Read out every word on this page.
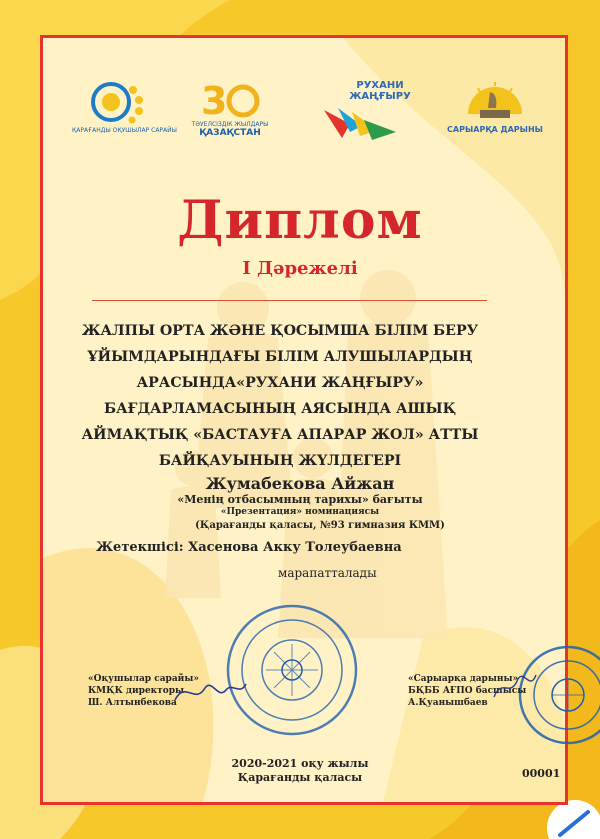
ҚАРАҒАНДЫ ОҚУШЫЛАР САРАЙЫ
3
ТӘУЕЛСІЗДІК ЖЫЛДАРЫ
ҚАЗАҚСТАН
РУХАНИ
ЖАҢҒЫРУ
САРЫАРҚА ДАРЫНЫ
Диплом
І Дәрежелі
ЖАЛПЫ ОРТА ЖӘНЕ ҚОСЫМША БІЛІМ БЕРУ
ҰЙЫМДАРЫНДАҒЫ БІЛІМ АЛУШЫЛАРДЫҢ
АРАСЫНДА«РУХАНИ ЖАҢҒЫРУ»
БАҒДАРЛАМАСЫНЫҢ АЯСЫНДА АШЫҚ
АЙМАҚТЫҚ «БАСТАУҒА АПАРАР ЖОЛ» АТТЫ
БАЙҚАУЫНЫҢ ЖҮЛДЕГЕРІ
Жумабекова Айжан
«Менің отбасымның тарихы» бағыты
«Презентация» номинациясы
(Қарағанды қаласы, №93 гимназия КММ)
Жетекшісі: Хасенова Акку Толеубаевна
марапатталады
«Оқушылар сарайы»
КМҚК директоры
Ш. Алтынбекова
«Сарыарқа дарыны»
БҚББ АҒПО басшысы
А.Қуанышбаев
2020-2021 оқу жылы
Қарағанды қаласы	00001
